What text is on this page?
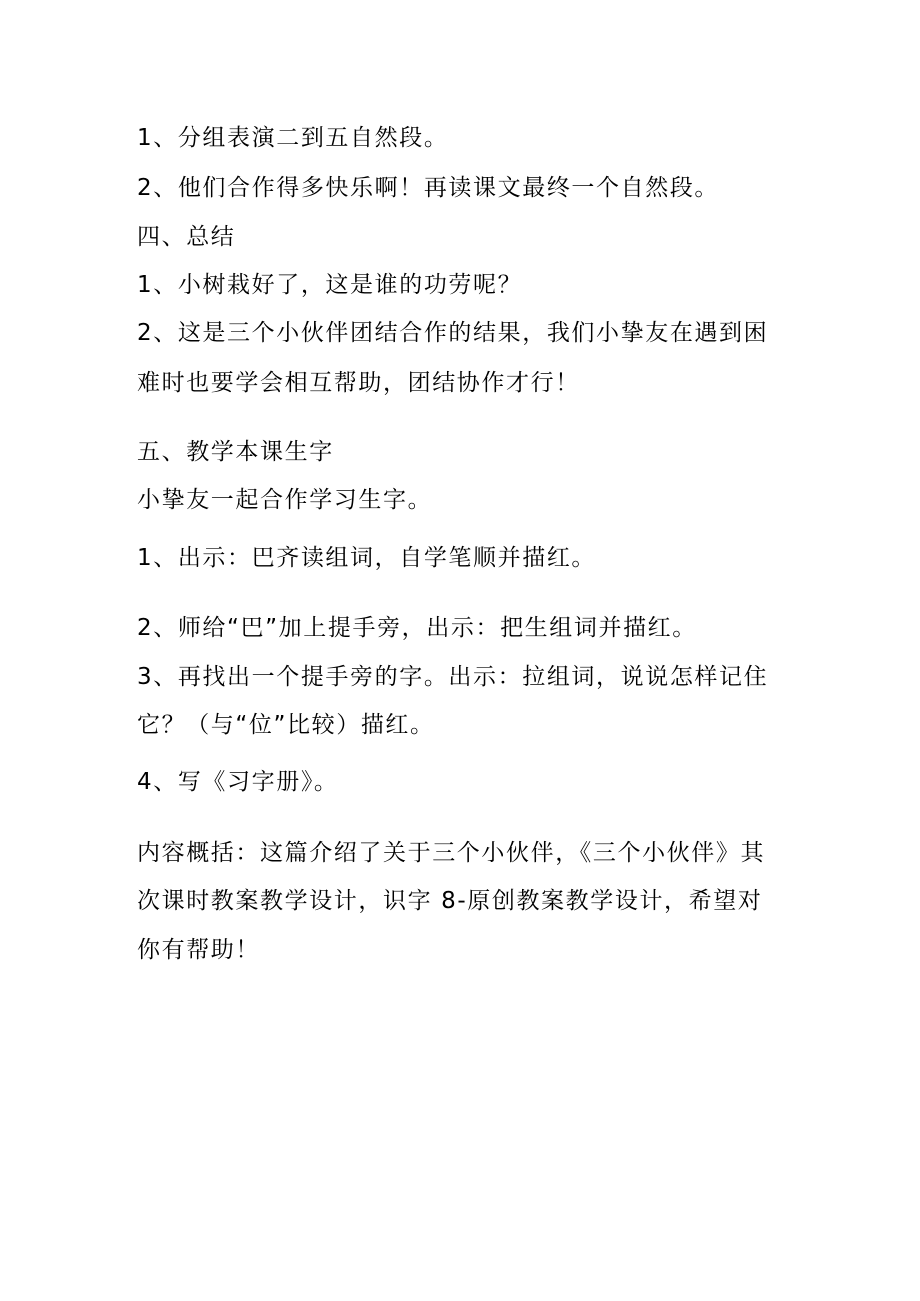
1、分组表演二到五自然段。
2、他们合作得多快乐啊！再读课文最终一个自然段。
四、总结
1、小树栽好了，这是谁的功劳呢？
2、这是三个小伙伴团结合作的结果，我们小挚友在遇到困
难时也要学会相互帮助，团结协作才行！
五、教学本课生字
小挚友一起合作学习生字。
1、出示：巴齐读组词，自学笔顺并描红。
2、师给“巴”加上提手旁，出示：把生组词并描红。
3、再找出一个提手旁的字。出示：拉组词，说说怎样记住
它？（与“位”比较）描红。
4、写《习字册》。
内容概括：这篇介绍了关于三个小伙伴，《三个小伙伴》其
次课时教案教学设计，识字 8-原创教案教学设计，希望对
你有帮助！
